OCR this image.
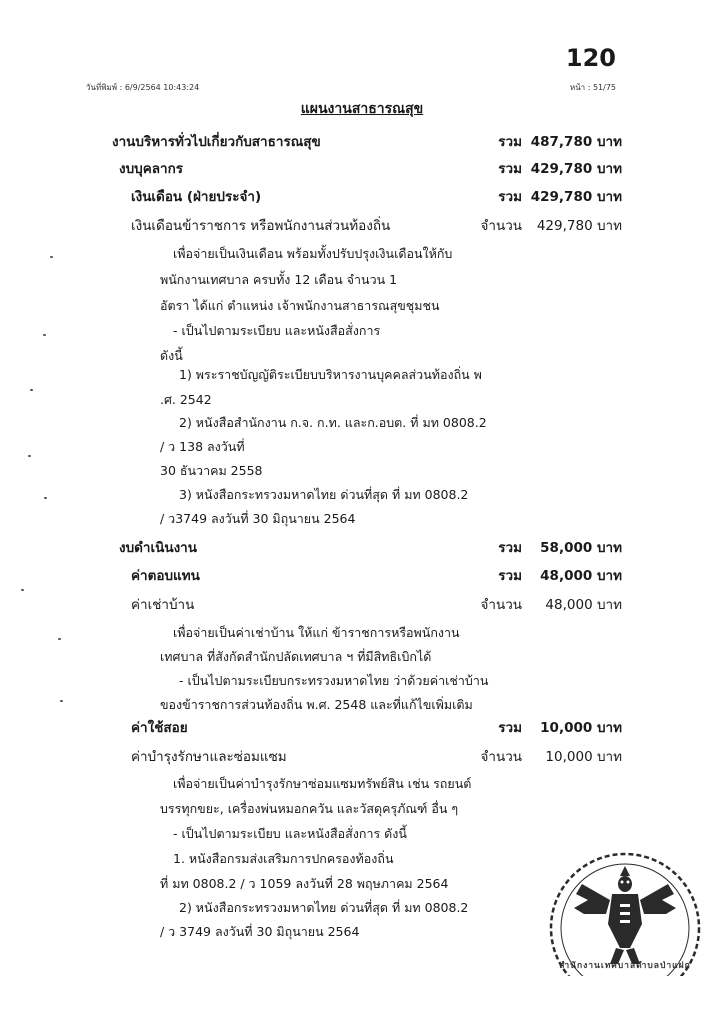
120
วันที่พิมพ์ : 6/9/2564 10:43:24	หน้า : 51/75
แผนงานสาธารณสุข
งานบริหารทั่วไปเกี่ยวกับสาธารณสุข	รวม 487,780 บาท
งบบุคลากร	รวม 429,780 บาท
เงินเดือน (ฝ่ายประจำ)	รวม 429,780 บาท
เงินเดือนข้าราชการ หรือพนักงานส่วนท้องถิ่น	จำนวน	429,780 บาท
เพื่อจ่ายเป็นเงินเดือน พร้อมทั้งปรับปรุงเงินเดือนให้กับ
พนักงานเทศบาล ครบทั้ง 12 เดือน จำนวน 1
อัตรา ได้แก่ ตำแหน่ง เจ้าพนักงานสาธารณสุขชุมชน
- เป็นไปตามระเบียบ และหนังสือสั่งการ
ดังนี้
1) พระราชบัญญัติระเบียบบริหารงานบุคคลส่วนท้องถิ่น พ
.ศ. 2542
2) หนังสือสำนักงาน ก.จ. ก.ท. และก.อบต. ที่ มท 0808.2
/ ว 138 ลงวันที่
30 ธันวาคม 2558
3) หนังสือกระทรวงมหาดไทย ด่วนที่สุด ที่ มท 0808.2
/ ว3749 ลงวันที่ 30 มิถุนายน 2564
งบดำเนินงาน	รวม	58,000 บาท
ค่าตอบแทน	รวม	48,000 บาท
ค่าเช่าบ้าน	จำนวน	48,000 บาท
เพื่อจ่ายเป็นค่าเช่าบ้าน ให้แก่ ข้าราชการหรือพนักงาน
เทศบาล ที่สังกัดสำนักปลัดเทศบาล ฯ ที่มีสิทธิเบิกได้
- เป็นไปตามระเบียบกระทรวงมหาดไทย ว่าด้วยค่าเช่าบ้าน
ของข้าราชการส่วนท้องถิ่น พ.ศ. 2548 และที่แก้ไขเพิ่มเติม
ค่าใช้สอย	รวม	10,000 บาท
ค่าบำรุงรักษาและซ่อมแซม	จำนวน	10,000 บาท
เพื่อจ่ายเป็นค่าบำรุงรักษาซ่อมแซมทรัพย์สิน เช่น รถยนต์
บรรทุกขยะ, เครื่องพ่นหมอกควัน และวัสดุครุภัณฑ์ อื่น ๆ
- เป็นไปตามระเบียบ และหนังสือสั่งการ ดังนี้
1. หนังสือกรมส่งเสริมการปกครองท้องถิ่น
ที่ มท 0808.2 / ว 1059 ลงวันที่ 28 พฤษภาคม 2564
2) หนังสือกระทรวงมหาดไทย ด่วนที่สุด ที่ มท 0808.2
/ ว 3749 ลงวันที่ 30 มิถุนายน 2564
สำนักงานเทศบาลตำบลป่าแฝก
